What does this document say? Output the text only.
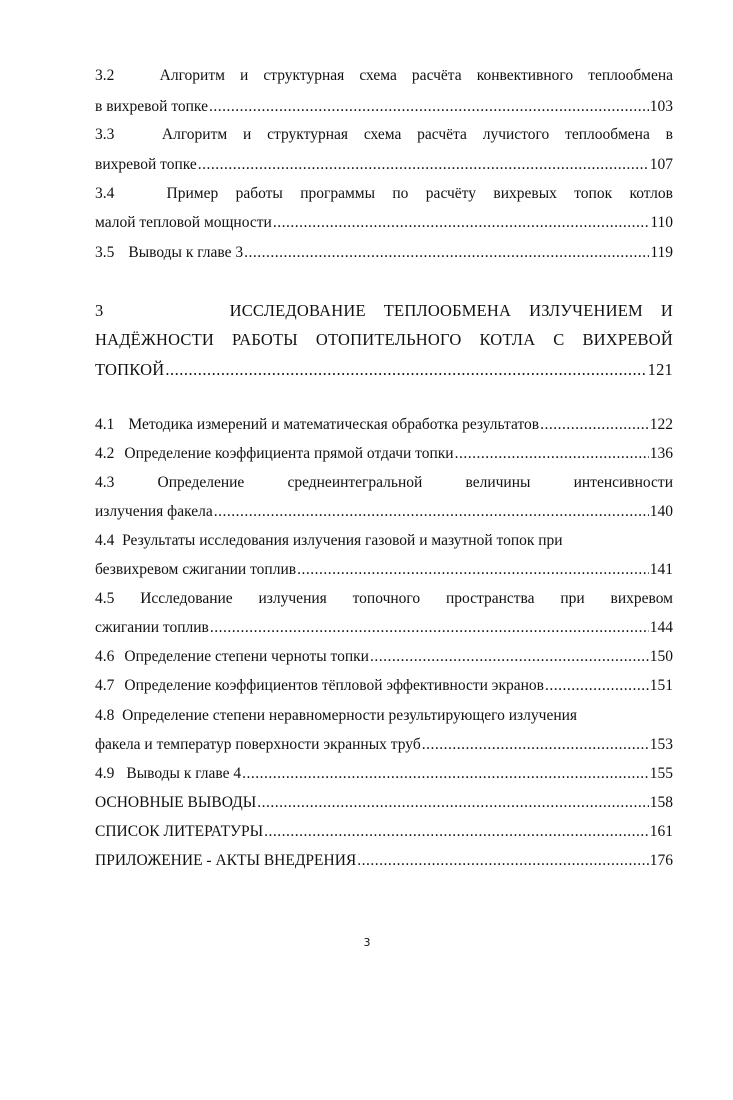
3.2	Алгоритм и структурная схема расчёта конвективного теплообмена
в вихревой топке .....	103
3.3	Алгоритм и структурная схема расчёта лучистого теплообмена в
вихревой топке .....	107
3.4	Пример работы программы по расчёту вихревых топок котлов
малой тепловой мощности .....	110
3.5 Выводы к главе 3 .....	119
3	ИССЛЕДОВАНИЕ ТЕПЛООБМЕНА ИЗЛУЧЕНИЕМ И
НАДЁЖНОСТИ РАБОТЫ ОТОПИТЕЛЬНОГО КОТЛА С ВИХРЕВОЙ
ТОПКОЙ .....	121
4.1 Методика измерений и математическая обработка результатов .....	122
4.2 Определение коэффициента прямой отдачи топки .....	136
4.3	Определение среднеинтегральной величины интенсивности
излучения факела .....	140
4.4 Результаты исследования излучения газовой и мазутной топок при
безвихревом сжигании топлив .....	141
4.5 Исследование излучения топочного пространства при вихревом
сжигании топлив .....	144
4.6 Определение степени черноты топки .....	150
4.7 Определение коэффициентов тёпловой эффективности экранов .....	151
4.8 Определение степени неравномерности результирующего излучения
факела и температур поверхности экранных труб .....	153
4.9 Выводы к главе 4 .....	155
ОСНОВНЫЕ ВЫВОДЫ .....	158
СПИСОК ЛИТЕРАТУРЫ .....	161
ПРИЛОЖЕНИЕ - АКТЫ ВНЕДРЕНИЯ .....	176
3
